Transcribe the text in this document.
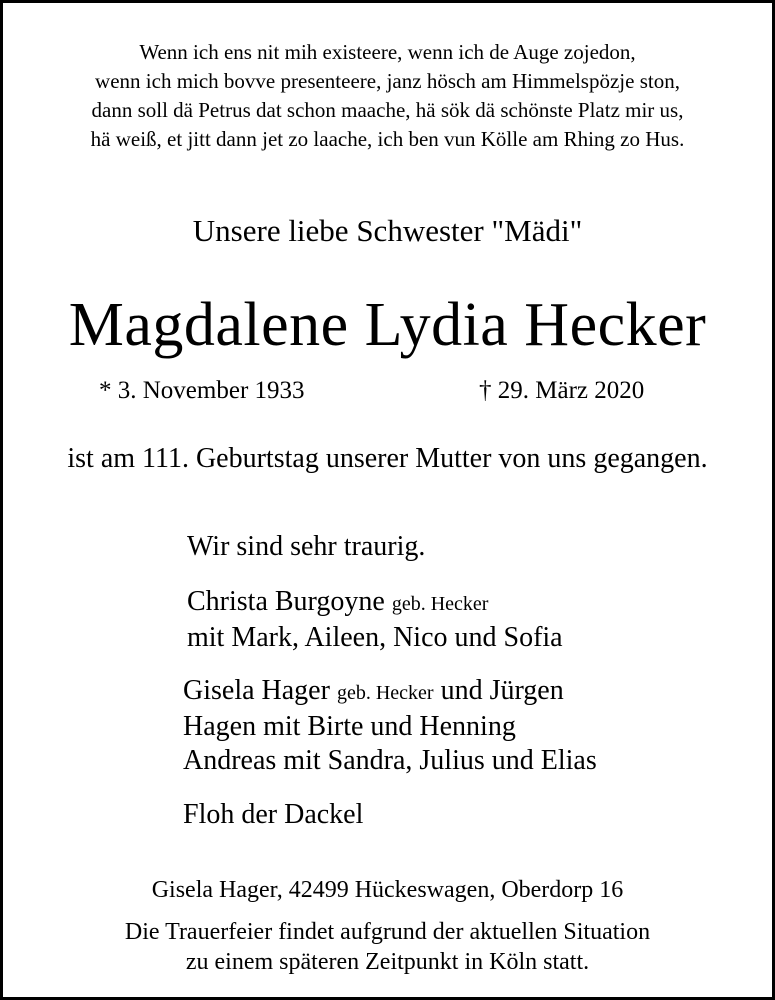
Wenn ich ens nit mih existeere, wenn ich de Auge zojedon,
wenn ich mich bovve presenteere, janz hösch am Himmelspözje ston,
dann soll dä Petrus dat schon maache, hä sök dä schönste Platz mir us,
hä weiß, et jitt dann jet zo laache, ich ben vun Kölle am Rhing zo Hus.
Unsere liebe Schwester "Mädi"
Magdalene Lydia Hecker
* 3. November 1933	† 29. März 2020
ist am 111. Geburtstag unserer Mutter von uns gegangen.
Wir sind sehr traurig.
Christa Burgoyne geb. Hecker
mit Mark, Aileen, Nico und Sofia
Gisela Hager geb. Hecker und Jürgen
Hagen mit Birte und Henning
Andreas mit Sandra, Julius und Elias
Floh der Dackel
Gisela Hager, 42499 Hückeswagen, Oberdorp 16
Die Trauerfeier findet aufgrund der aktuellen Situation
zu einem späteren Zeitpunkt in Köln statt.
